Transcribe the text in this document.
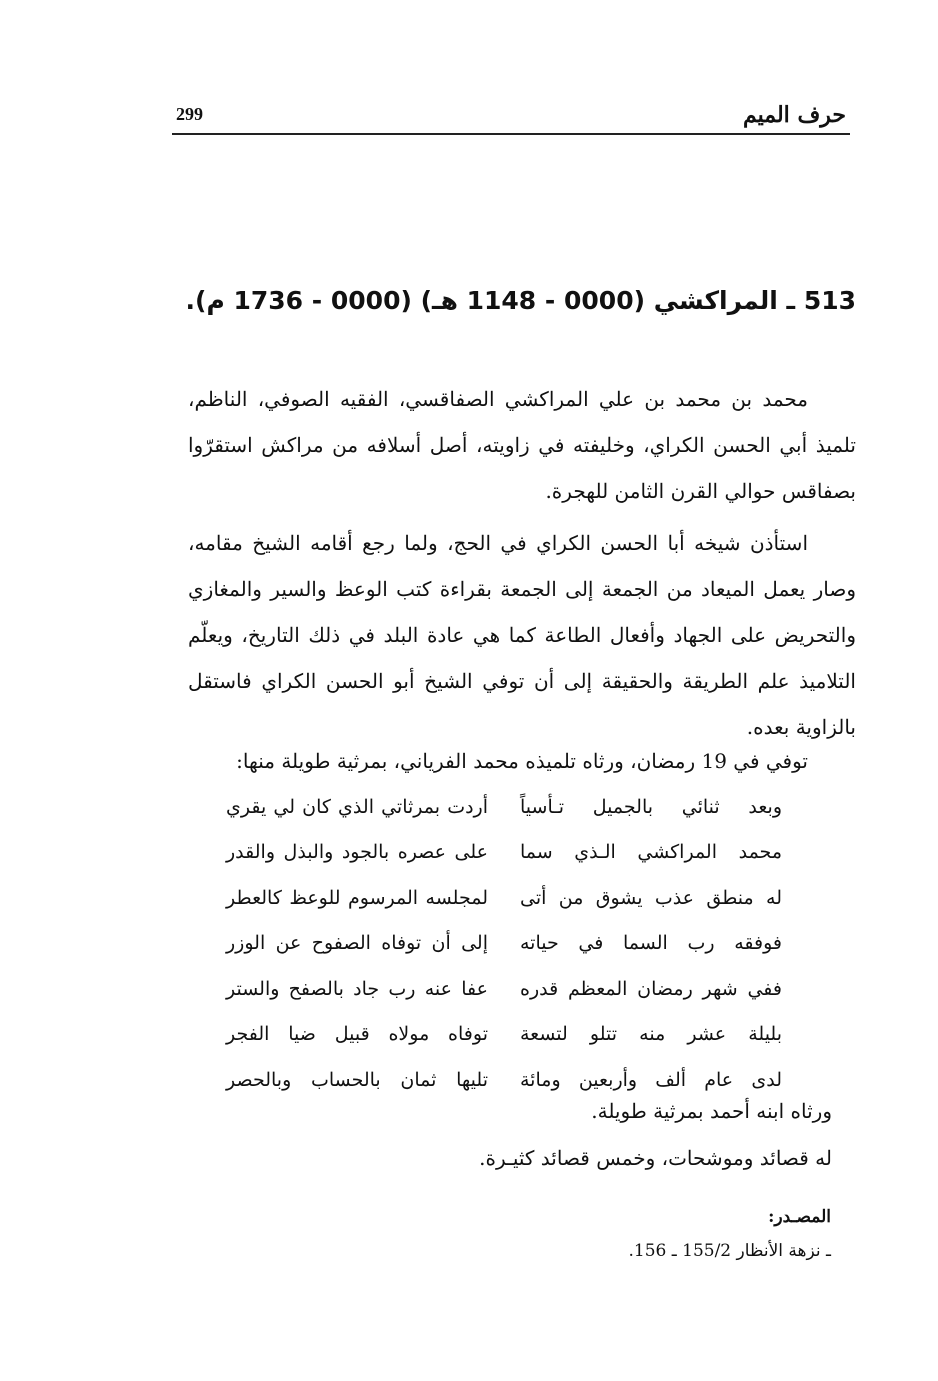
299	حرف الميم
513 ـ المراكشي (0000 - 1148 هـ) (0000 - 1736 م).

محمد بن محمد بن علي المراكشي الصفاقسي، الفقيه الصوفي، الناظم، تلميذ أبي الحسن الكراي، وخليفته في زاويته، أصل أسلافه من مراكش استقرّوا بصفاقس حوالي القرن الثامن للهجرة.

استأذن شيخه أبا الحسن الكراي في الحج، ولما رجع أقامه الشيخ مقامه، وصار يعمل الميعاد من الجمعة إلى الجمعة بقراءة كتب الوعظ والسير والمغازي والتحريض على الجهاد وأفعال الطاعة كما هي عادة البلد في ذلك التاريخ، ويعلّم التلاميذ علم الطريقة والحقيقة إلى أن توفي الشيخ أبو الحسن الكراي فاستقل بالزاوية بعده.

توفي في 19 رمضان، ورثاه تلميذه محمد الفرياني، بمرثية طويلة منها:

وبعد ثنائي بالجميل تـأسياً
أردت بمرثاتي الذي كان لي يقري
محمد المراكشي الـذي سما
على عصره بالجود والبذل والقدر
له منطق عذب يشوق من أتى
لمجلسه المرسوم للوعظ كالعطر
فوفقه رب السما في حياته
إلى أن توفاه الصفوح عن الوزر
ففي شهر رمضان المعظم قدره
عفا عنه رب جاد بالصفح والستر
بليلة عشر منه تتلو لتسعة
توفاه مولاه قبيل ضيا الفجر
لدى عام ألف وأربعين ومائة
تليها ثمان بالحساب وبالحصر

ورثاه ابنه أحمد بمرثية طويلة.

له قصائد وموشحات، وخمس قصائد كثيـرة.

المصـدر:
ـ نزهة الأنظار 155/2 ـ 156.
